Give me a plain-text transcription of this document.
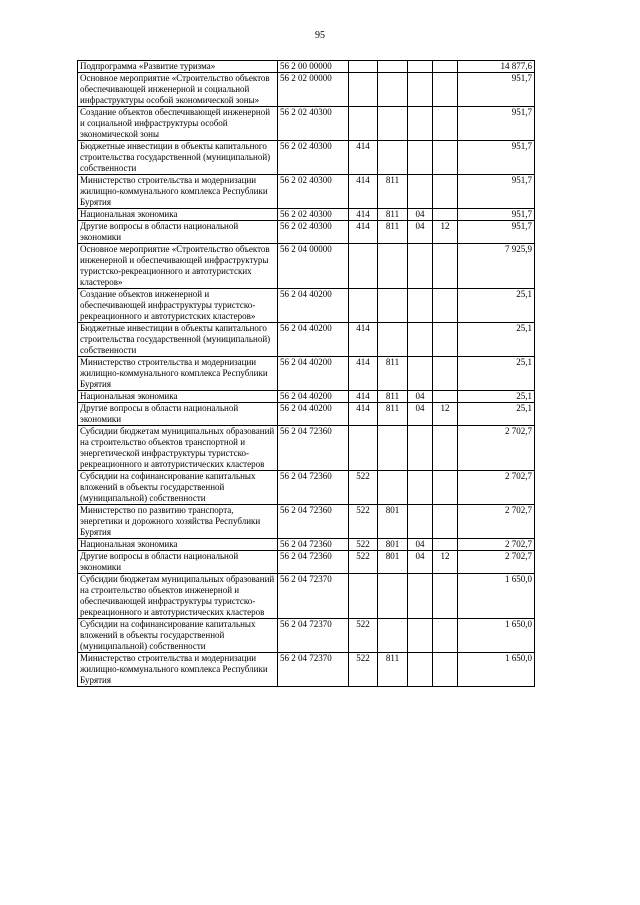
95
Подпрограмма «Развитие туризма»	56 2 00 00000					14 877,6
Основное мероприятие «Строительство объектов обеспечивающей инженерной и социальной инфраструктуры особой экономической зоны»	56 2 02 00000					951,7
Создание объектов обеспечивающей инженерной и социальной инфраструктуры особой экономической зоны	56 2 02 40300					951,7
Бюджетные инвестиции в объекты капитального строительства государственной (муниципальной) собственности	56 2 02 40300	414				951,7
Министерство строительства и модернизации жилищно-коммунального комплекса Республики Бурятия	56 2 02 40300	414	811			951,7
Национальная экономика	56 2 02 40300	414	811	04		951,7
Другие вопросы в области национальной экономики	56 2 02 40300	414	811	04	12	951,7
Основное мероприятие «Строительство объектов инженерной и обеспечивающей инфраструктуры туристско-рекреационного и автотуристских кластеров»	56 2 04 00000					7 925,9
Создание объектов инженерной и обеспечивающей инфраструктуры туристско-рекреационного и автотуристских кластеров»	56 2 04 40200					25,1
Бюджетные инвестиции в объекты капитального строительства государственной (муниципальной) собственности	56 2 04 40200	414				25,1
Министерство строительства и модернизации жилищно-коммунального комплекса Республики Бурятия	56 2 04 40200	414	811			25,1
Национальная экономика	56 2 04 40200	414	811	04		25,1
Другие вопросы в области национальной экономики	56 2 04 40200	414	811	04	12	25,1
Субсидии бюджетам муниципальных образований на строительство объектов транспортной и энергетической инфраструктуры туристско-рекреационного и автотуристических кластеров	56 2 04 72360					2 702,7
Субсидии на софинансирование капитальных вложений в объекты государственной (муниципальной) собственности	56 2 04 72360	522				2 702,7
Министерство по развитию транспорта, энергетики и дорожного хозяйства Республики Бурятия	56 2 04 72360	522	801			2 702,7
Национальная экономика	56 2 04 72360	522	801	04		2 702,7
Другие вопросы в области национальной экономики	56 2 04 72360	522	801	04	12	2 702,7
Субсидии бюджетам муниципальных образований на строительство объектов инженерной и обеспечивающей инфраструктуры туристско-рекреационного и автотуристических кластеров	56 2 04 72370					1 650,0
Субсидии на софинансирование капитальных вложений в объекты государственной (муниципальной) собственности	56 2 04 72370	522				1 650,0
Министерство строительства и модернизации жилищно-коммунального комплекса Республики Бурятия	56 2 04 72370	522	811			1 650,0
